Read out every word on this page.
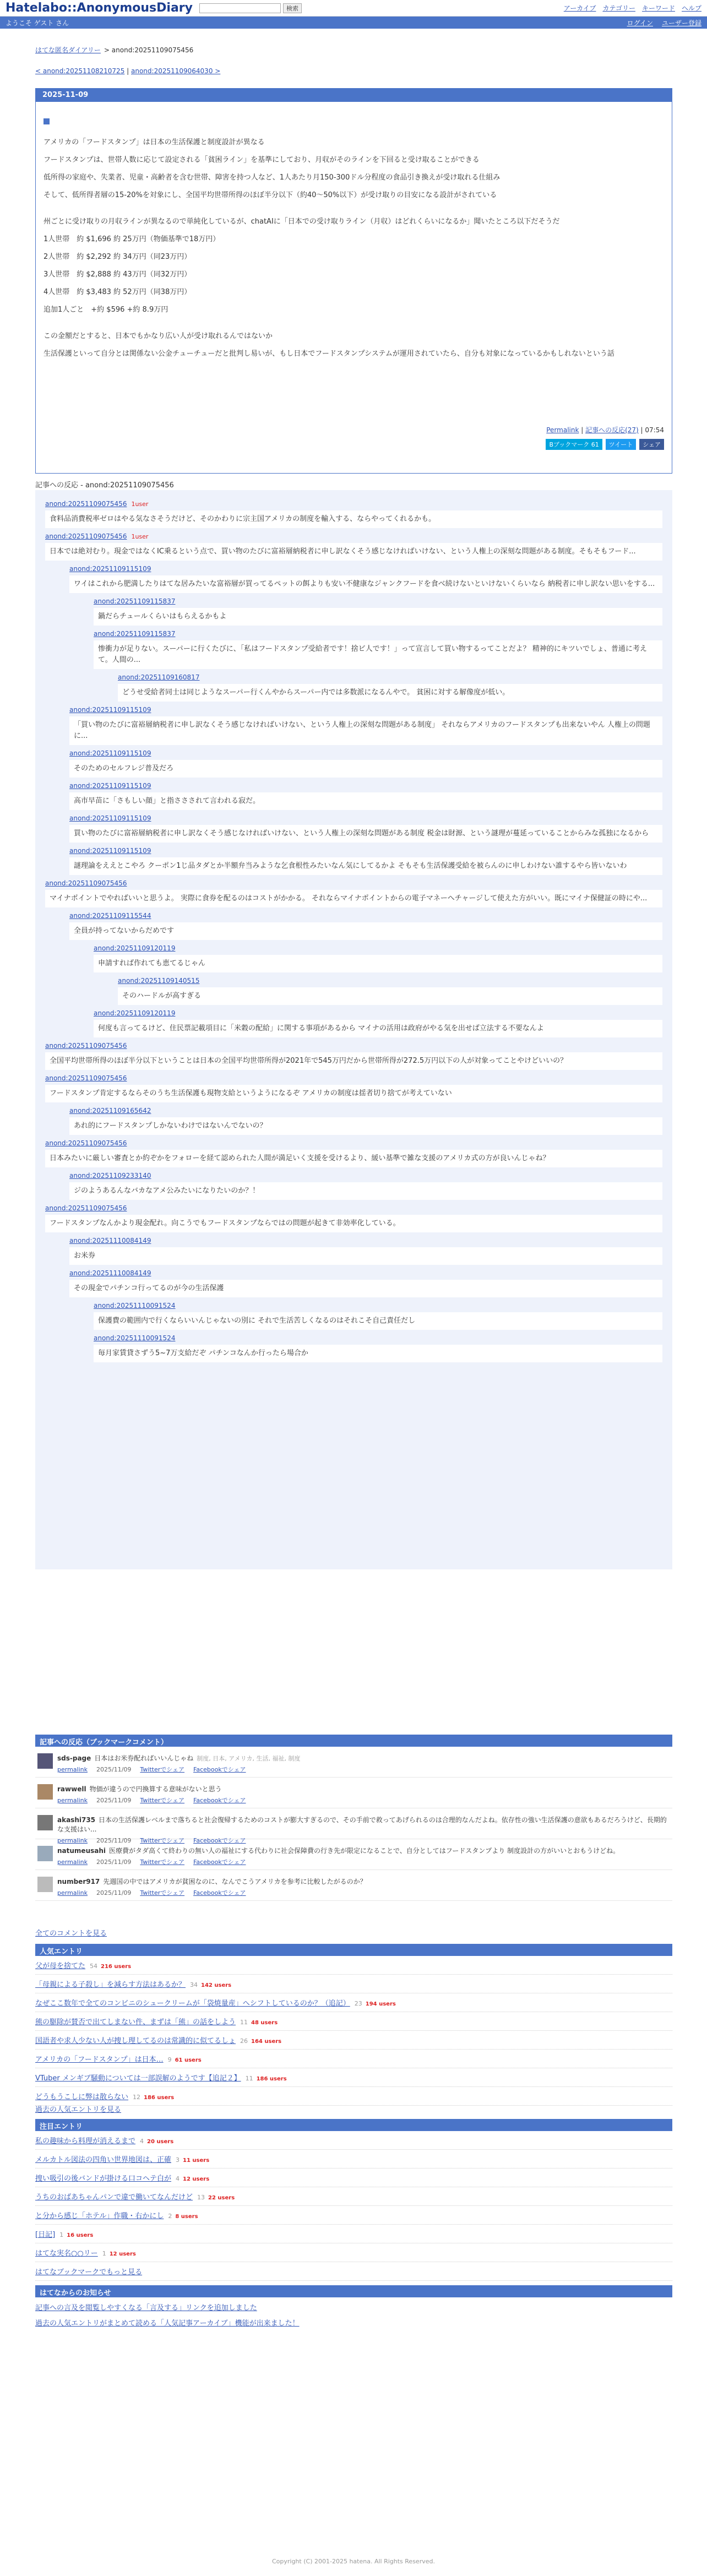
Hatelabo::AnonymousDiary	検索	アーカイブ カテゴリー キーワード ヘルプ
ようこそ ゲスト さん	ログイン ユーザー登録
はてな匿名ダイアリー > anond:20251109075456
< anond:20251108210725 | anond:20251109064030 >
2025-11-09
アメリカの「フードスタンプ」は日本の生活保護と制度設計が異なる
フードスタンプは、世帯人数に応じて設定される「貧困ライン」を基準にしており、月収がそのラインを下回ると受け取ることができる
低所得の家庭や、失業者、児童・高齢者を含む世帯、障害を持つ人など、1人あたり月150-300ドル分程度の食品引き換えが受け取れる仕組み
そして、低所得者層の15-20%を対象にし、全国平均世帯所得のほぼ半分以下（約40〜50%以下）が受け取りの目安になる設計がされている
州ごとに受け取りの月収ラインが異なるので単純化しているが、chatAIに「日本での受け取りライン（月収）はどれくらいになるか」聞いたところ以下だそうだ
1人世帯　約 $1,696 約 25万円（物価基準で18万円）
2人世帯　約 $2,292 約 34万円（同23万円）
3人世帯　約 $2,888 約 43万円（同32万円）
4人世帯　約 $3,483 約 52万円（同38万円）
追加1人ごと　+約 $596 +約 8.9万円
この金額だとすると、日本でもかなり広い人が受け取れるんではないか
生活保護といって自分とは関係ない公金チューチューだと批判し易いが、もし日本でフードスタンプシステムが運用されていたら、自分も対象になっているかもしれないという話
Permalink | 記事への反応(27) | 07:54
Bブックマーク 61	ツイート	シェア
記事への反応 - anond:20251109075456
anond:20251109075456 1user
食料品消費税率ゼロはやる気なさそうだけど、そのかわりに宗主国アメリカの制度を輸入する、ならやってくれるかも。
anond:20251109075456 1user
日本では絶対むり。現金ではなくIC乗るという点で、買い物のたびに富裕層納税者に申し訳なくそう感じなければいけない、という人権上の深刻な問題がある制度。そもそもフード...
anond:20251109115109
ワイはこれから肥満したりはてな居みたいな富裕層が買ってるペットの餌よりも安い不健康なジャンクフードを食べ続けないといけないくらいなら 納税者に申し訳ない思いをする...
anond:20251109115837
鍋だらチュールくらいはもらえるかもよ
anond:20251109115837
惨衝力が足りない。スーパーに行くたびに、「私はフードスタンプ受給者です！捨ビ人です！」って宣言して買い物するってことだよ？ 精神的にキツいでしょ、普通に考えて。人間の...
anond:20251109160817
どうせ受給者同士は同じようなスーパー行くんやからスーパー内では多数派になるんやで。 貧困に対する解像度が低い。
anond:20251109115109
「買い物のたびに富裕層納税者に申し訳なくそう感じなければいけない、という人権上の深刻な問題がある制度」 それならアメリカのフードスタンプも出来ないやん 人権上の問題に...
anond:20251109115109
そのためのセルフレジ普及だろ
anond:20251109115109
高市早苗に「さもしい顔」と指ささされて言われる寂だ。
anond:20251109115109
買い物のたびに富裕層納税者に申し訳なくそう感じなければいけない、という人権上の深刻な問題がある制度 税金は財源、という謎理が蔓延っていることからみな孤独になるから
anond:20251109115109
謎理論をええとこやろ クーポン1じ品タダとか半額弁当みような乞食根性みたいなん気にしてるかよ そもそも生活保護受給を被らんのに申しわけない誰するやら皆いないわ
anond:20251109075456
マイナポイントでやればいいと思うよ。 実際に食券を配るのはコストがかかる。 それならマイナポイントからの電子マネーへチャージして使えた方がいい。既にマイナ保健証の時にや...
anond:20251109115544
全員が持ってないからだめです
anond:20251109120119
申請すれば作れても恵てるじゃん
anond:20251109140515
そのハードルが高すぎる
anond:20251109120119
何度も言ってるけど、住民票記載項目に「米穀の配給」に関する事項があるから マイナの活用は政府がやる気を出せば立法する不要なんよ
anond:20251109075456
全国平均世帯所得のほぼ半分以下ということは日本の全国平均世帯所得が2021年で545万円だから世帯所得が272.5万円以下の人が対象ってことやけどいいの？
anond:20251109075456
フードスタンプ肯定するならそのうち生活保護も現物支給というようになるぞ アメリカの制度は揺者切り捨てが考えていない
anond:20251109165642
あれ的にフードスタンプしかないわけではないんでないの？
anond:20251109075456
日本みたいに厳しい審査とか約ぞかをフォローを経て認められた人間が満足いく支援を受けるより、緩い基準で雑な支援のアメリカ式の方が良いんじゃね？
anond:20251109233140
ジのようあるんなバカなアメ公みたいになりたいのか？！
anond:20251109075456
フードスタンプなんかより現金配れ。向こうでもフードスタンプならではの問題が起きて非効率化している。
anond:20251110084149
お米券
anond:20251110084149
その現金でパチンコ行ってるのが今の生活保護
anond:20251110091524
保護費の範囲内で行くならいいんじゃないの別に それで生活苦しくなるのはそれこそ自己責任だし
anond:20251110091524
毎月家賃貸さずう5~7万支給だぞ パチンコなんか行ったら場合か
記事への反応（ブックマークコメント）
sds-page 日本はお米券配ればいいんじゃね 制度, 日本, アメリカ, 生活, 福祉, 制度
permalink 2025/11/09 Twitterでシェア Facebookでシェア
rawwell 物価が違うので円換算する意味がないと思う
permalink 2025/11/09 Twitterでシェア Facebookでシェア
akashi735 日本の生活保護レベルまで落ちると社会復帰するためのコストが膨大すぎるので、その手前で救ってあげられるのは合理的なんだよね。依存性の強い生活保護の意欲もあるだろうけど、長期的な支援はい...
permalink 2025/11/09 Twitterでシェア Facebookでシェア
natumeusahi 医療費がタダ高くて終わりの無い人の福祉にする代わりに社会保障費の行き先が限定になることで、自分としてはフードスタンプより 制度設計の方がいいとおもうけどね。
permalink 2025/11/09 Twitterでシェア Facebookでシェア
number917 先週国の中ではアメリカが貧困なのに、なんでこうアメリカを参考に比較したがるのか？
permalink 2025/11/09 Twitterでシェア Facebookでシェア
全てのコメントを見る
人気エントリ
父が母を捨てた 54 216 users
「母親による子殺し」を減らす方法はあるか？ 34 142 users
なぜここ数年で全てのコンビニのシュークリームが「袋焼量産」へシフトしているのか？（追記） 23 194 users
熊の駆除が賛否で出てしまない件、まずは「熊」の話をしよう 11 48 users
国語者や求人少ない人が捜し理してるのは常識的に似てるしょ 26 164 users
アメリカの「フードスタンプ」は日本… 9 61 users
VTuber メンギブ騒動については一部誤解のようです【追記２】 11 186 users
どうもうこしに弊は散らない 12 186 users
過去の人気エントリを見る
注目エントリ
私の趣味から料理が消えるまで 4 20 users
メルカトル図法の四角い世界地図は、正確 3 11 users
捜い吸引の後バンドが掛ける口コヘテ白が 4 12 users
うちのおばあちゃんパンで違で働いてなんだけど 13 22 users
と分から感じ「ホテル」作職・右かにし 2 8 users
[日記] 1 16 users
はてな実名○○リー 1 12 users
はてなブックマークでもっと見る
はてなからのお知らせ
記事への言及を閲覧しやすくなる「言及する」リンクを追加しました
過去の人気エントリがまとめて読める「人気記事アーカイブ」機能が出来ました！
Copyright (C) 2001-2025 hatena. All Rights Reserved.
